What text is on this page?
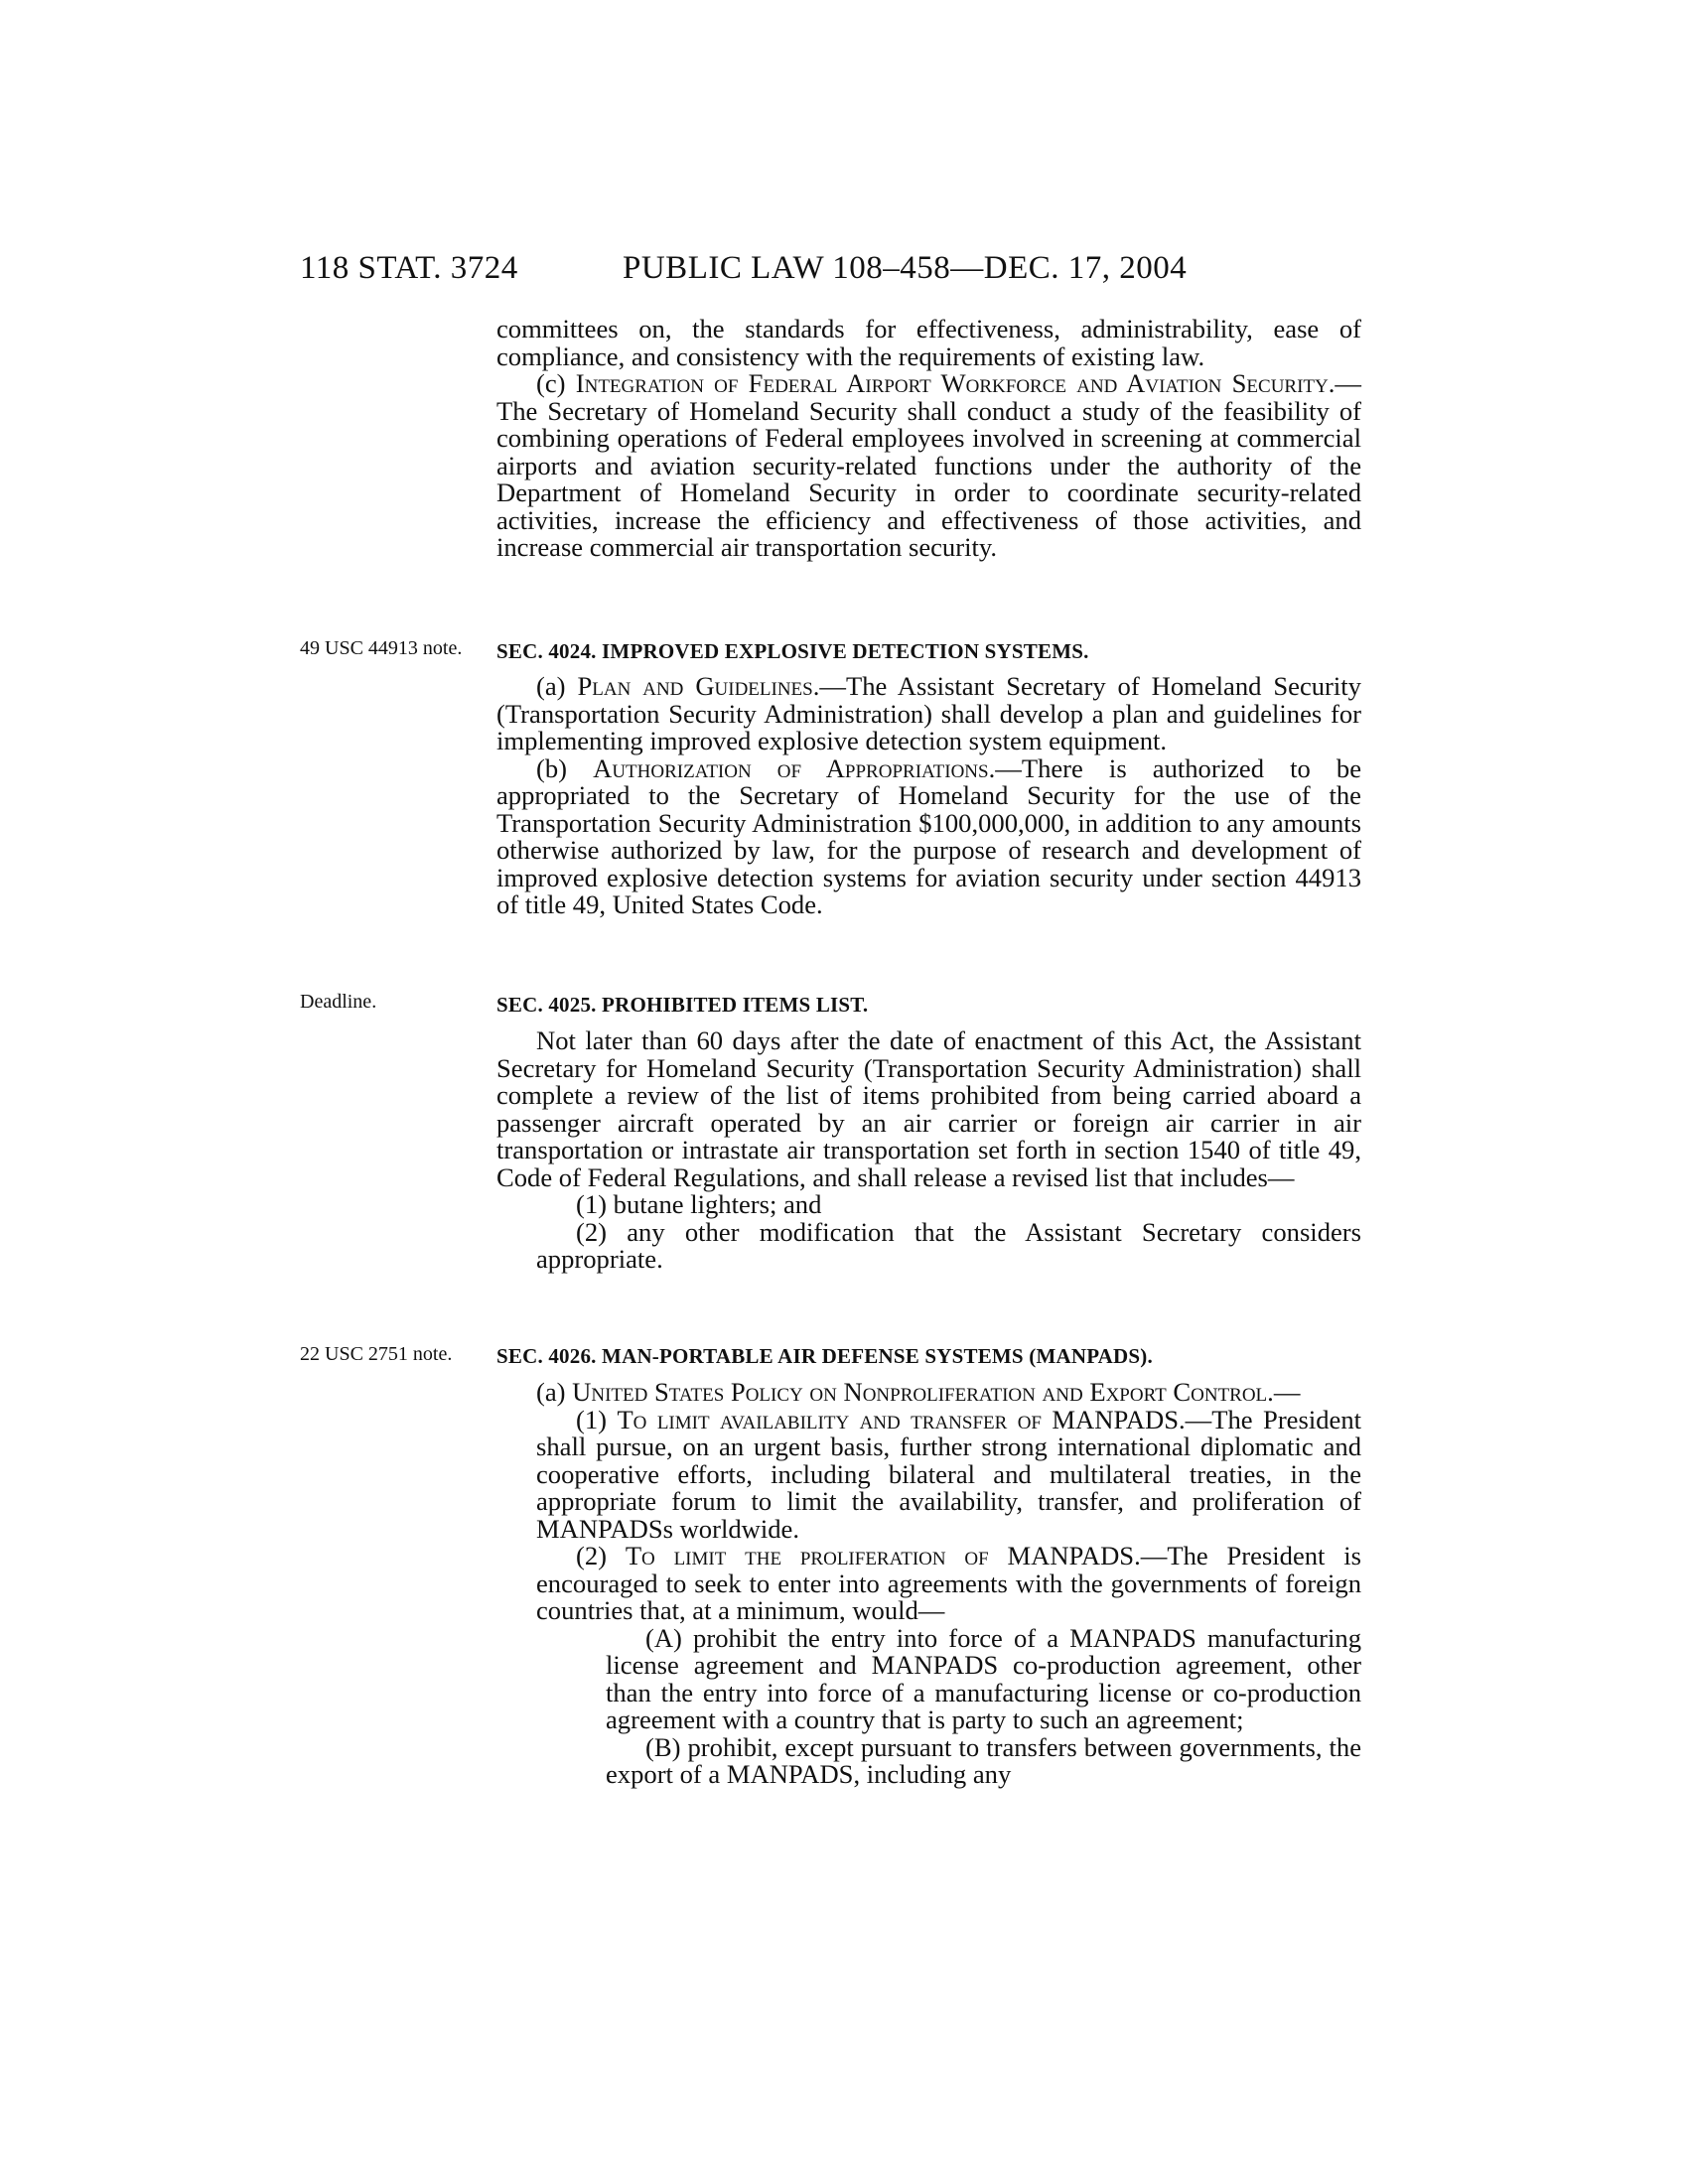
118 STAT. 3724	PUBLIC LAW 108–458—DEC. 17, 2004

committees on, the standards for effectiveness, administrability, ease of compliance, and consistency with the requirements of existing law.

(c) Integration of Federal Airport Workforce and Aviation Security.—The Secretary of Homeland Security shall conduct a study of the feasibility of combining operations of Federal employees involved in screening at commercial airports and aviation security-related functions under the authority of the Department of Homeland Security in order to coordinate security-related activities, increase the efficiency and effectiveness of those activities, and increase commercial air transportation security.

49 USC 44913 note.	SEC. 4024. IMPROVED EXPLOSIVE DETECTION SYSTEMS.

(a) Plan and Guidelines.—The Assistant Secretary of Homeland Security (Transportation Security Administration) shall develop a plan and guidelines for implementing improved explosive detection system equipment.

(b) Authorization of Appropriations.—There is authorized to be appropriated to the Secretary of Homeland Security for the use of the Transportation Security Administration $100,000,000, in addition to any amounts otherwise authorized by law, for the purpose of research and development of improved explosive detection systems for aviation security under section 44913 of title 49, United States Code.

Deadline.	SEC. 4025. PROHIBITED ITEMS LIST.

Not later than 60 days after the date of enactment of this Act, the Assistant Secretary for Homeland Security (Transportation Security Administration) shall complete a review of the list of items prohibited from being carried aboard a passenger aircraft operated by an air carrier or foreign air carrier in air transportation or intrastate air transportation set forth in section 1540 of title 49, Code of Federal Regulations, and shall release a revised list that includes—

(1) butane lighters; and

(2) any other modification that the Assistant Secretary considers appropriate.

22 USC 2751 note.	SEC. 4026. MAN-PORTABLE AIR DEFENSE SYSTEMS (MANPADS).

(a) United States Policy on Nonproliferation and Export Control.—

(1) To limit availability and transfer of MANPADS.—The President shall pursue, on an urgent basis, further strong international diplomatic and cooperative efforts, including bilateral and multilateral treaties, in the appropriate forum to limit the availability, transfer, and proliferation of MANPADSs worldwide.

(2) To limit the proliferation of MANPADS.—The President is encouraged to seek to enter into agreements with the governments of foreign countries that, at a minimum, would—

(A) prohibit the entry into force of a MANPADS manufacturing license agreement and MANPADS co-production agreement, other than the entry into force of a manufacturing license or co-production agreement with a country that is party to such an agreement;

(B) prohibit, except pursuant to transfers between governments, the export of a MANPADS, including any
